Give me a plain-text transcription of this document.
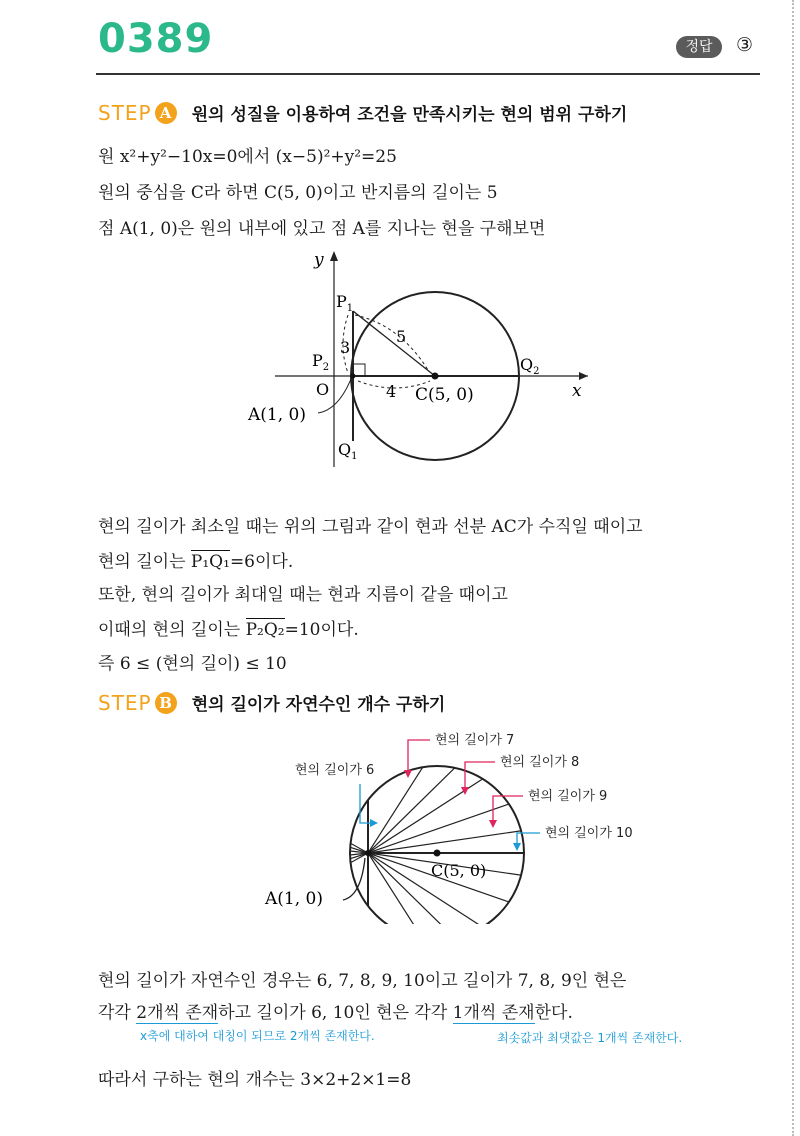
0389	정답	③
STEP A 원의 성질을 이용하여 조건을 만족시키는 현의 범위 구하기
원 x²+y²−10x=0에서 (x−5)²+y²=25
원의 중심을 C라 하면 C(5, 0)이고 반지름의 길이는 5
점 A(1, 0)은 원의 내부에 있고 점 A를 지나는 현을 구해보면
y
x
O	C(5, 0)
A(1, 0)
$P_1$
$P_2$
$Q_1$
$Q_2$
5
3
4
현의 길이가 최소일 때는 위의 그림과 같이 현과 선분 AC가 수직일 때이고
현의 길이는 P₁Q₁=6이다.
또한, 현의 길이가 최대일 때는 현과 지름이 같을 때이고
이때의 현의 길이는 P₂Q₂=10이다.
즉 6 ≤ (현의 길이) ≤ 10
STEP B 현의 길이가 자연수인 개수 구하기
현의 길이가 7
현의 길이가 8
현의 길이가 6
현의 길이가 9
현의 길이가 10
C(5, 0)
A(1, 0)
현의 길이가 자연수인 경우는 6, 7, 8, 9, 10이고 길이가 7, 8, 9인 현은
각각 2개씩 존재하고 길이가 6, 10인 현은 각각 1개씩 존재한다.
x축에 대하여 대칭이 되므로 2개씩 존재한다.	최솟값과 최댓값은 1개씩 존재한다.
따라서 구하는 현의 개수는 3×2+2×1=8
